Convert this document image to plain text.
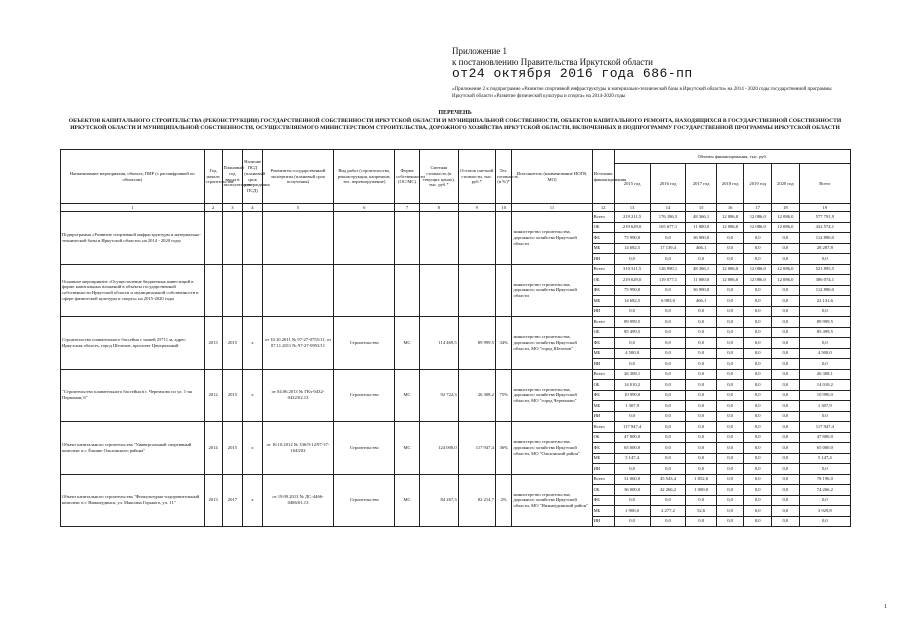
Приложение 1
к постановлению Правительства Иркутской области
от24 октября 2016 года 686-пп
«Приложение 2 к подпрограмме «Развитие спортивной инфраструктуры и материально-технической базы в Иркутской области» на 2014 - 2020 годы государственной программы Иркутской области «Развитие физической культуры и спорта» на 2014-2020 годы
ПЕРЕЧЕНЬ
ОБЪЕКТОВ КАПИТАЛЬНОГО СТРОИТЕЛЬСТВА (РЕКОНСТРУКЦИИ) ГОСУДАРСТВЕННОЙ СОБСТВЕННОСТИ ИРКУТСКОЙ ОБЛАСТИ И МУНИЦИПАЛЬНОЙ СОБСТВЕННОСТИ, ОБЪЕКТОВ КАПИТАЛЬНОГО РЕМОНТА, НАХОДЯЩИХСЯ В ГОСУДАРСТВЕННОЙ СОБСТВЕННОСТИ ИРКУТСКОЙ ОБЛАСТИ И МУНИЦИПАЛЬНОЙ СОБСТВЕННОСТИ, ОСУЩЕСТВЛЯЕМОГО МИНИСТЕРСТВОМ СТРОИТЕЛЬСТВА, ДОРОЖНОГО ХОЗЯЙСТВА ИРКУТСКОЙ ОБЛАСТИ, ВКЛЮЧЕННЫХ В ПОДПРОГРАММУ ГОСУДАРСТВЕННОЙ ПРОГРАММЫ ИРКУТСКОЙ ОБЛАСТИ
Наименование мероприятия, объекта, ПИР (с расшифровкой по объектам)	Год начала строительства	Плановый год ввода в эксплуатацию	Наличие ПСД (плановый срок утверждения ПСД)	Реквизиты государственной экспертизы (плановый срок получения)	Вид работ (строительство, реконструкция, капремонт, тех. перевооружение)	Форма собственности (ОС/МС)	Сметная стоимость (в текущих ценах), тыс. руб.*	Остаток сметной стоимости, тыс. руб.*	Тех. готовность (в %)*	Исполнитель (наименование ИОГВ, МО)	Источник финансирования	Объемы финансирования, тыс. руб.						
												2015 год	2016 год	2017 год	2018 год	2019 год	2020 год	Всего
1	2	3	4	5	6	7	8	9	10	11	12	13	14	15	16	17	18	19
Подпрограмма «Развитие спортивной инфраструктуры и материально- технической базы в Иркутской области» на 2014 - 2020 годы										министерство строительства, дорожного хозяйства Иркутской области	Всего	219 211,5	176 186,5	48 366,1	12 086,0	12 086,0	12 086,0	577 791,9
											ОБ	219 629,0	165 677,1	11 000,0	12 086,0	12 086,0	12 086,0	432 574,1
											ФБ	75 990,0	0,0	36 900,0	0,0	0,0	0,0	112 890,0
											МБ	14 682,5	17 139,4	466,1	0,0	0,0	0,0	28 287,8
											ИИ	0,0	0,0	0,0	0,0	0,0	0,0	0,0
Основное мероприятие «Осуществление бюджетных инвестиций в форме капитальных вложений в объекты государственной собственности Иркутской области и муниципальной собственности в сфере физической культуры и спорта» на 2015-2020 годы										министерство строительства, дорожного хозяйства Иркутской области	Всего	310 311,5	126 990,1	48 366,1	12 086,0	12 086,0	12 086,0	521 895,5
											ОБ	219 629,0	119 077,1	11 000,0	12 086,0	12 086,0	12 086,0	386 074,1
											ФБ	75 990,0	0,0	36 900,0	0,0	0,0	0,0	112 890,0
											МБ	14 682,5	6 983,0	466,1	0,0	0,0	0,0	22 131,6
											ИИ	0,0	0,0	0,0	0,0	0,0	0,0	0,0
Строительство плавательного бассейна с чашей 25*11 м, адрес: Иркутская область, город Шелехов, проспект Центральный	2013	2015	х	от 10.10.2011 № 97-27-0755/11, от 07.11.2011 № 97-27-0953/11	Строительство	МС	114 469,5	89 999,5	34%	министерство строительства, дорожного хозяйства Иркутской области, МО "город Шелехов"	Всего	89 999,5	0,0	0,0	0,0	0,0	0,0	89 999,5
											ОБ	85 499,5	0,0	0,0	0,0	0,0	0,0	85 499,5
											ФБ	0,0	0,0	0,0	0,0	0,0	0,0	0,0
											МБ	4 500,0	0,0	0,0	0,0	0,0	0,0	4 500,0
											ИИ	0,0	0,0	0,0	0,0	0,0	0,0	0,0
"Строительство плавательного бассейна в г. Черемхово по ул. 1-ая Первомая, 6"	2012	2015	х	от 04.06.2013 № ГКэ-0432-0432/02.13	Строительство	МС	92 722,3	26 308,2	75%	министерство строительства, дорожного хозяйства Иркутской области, МО "город Черемхово"	Всего	26 308,1	0,0	0,0	0,0	0,0	0,0	26 308,1
											ОБ	14 010,2	0,0	0,0	0,0	0,0	0,0	14 010,2
											ФБ	10 990,0	0,0	0,0	0,0	0,0	0,0	10 990,0
											МБ	1 307,9	0,0	0,0	0,0	0,0	0,0	1 307,9
											ИИ	0,0	0,0	0,0	0,0	0,0	0,0	0,0
Объект капитального строительства "Универсальный спортивный комплекс в г. Ёлкине Ольхонского района"	2014	2015	х	от 16.10.2012 № 336/9-12/97-37-1043/02	Строительство	МС	124 000,0	117 947,4	36%	министерство строительства, дорожного хозяйства Иркутской области, МО "Ольхонский район"	Всего	117 947,4	0,0	0,0	0,0	0,0	0,0	117 947,4
											ОБ	47 800,0	0,0	0,0	0,0	0,0	0,0	47 800,0
											ФБ	65 000,0	0,0	0,0	0,0	0,0	0,0	65 000,0
											МБ	5 147,4	0,0	0,0	0,0	0,0	0,0	5 147,4
											ИИ	0,0	0,0	0,0	0,0	0,0	0,0	0,0
Объект капитального строительства "Физкультурно-оздоровительный комплекс в г. Нижнеудинск, ул. Максима Горького, уч. 11"	2013	2017	х	от 19.09.2013 № ДС-4466-0486/01.13	Строительство	МС	84 267,3	82 214,7	2%	министерство строительства, дорожного хозяйства Иркутской области, МО "Нижнеудинский район"	Всего	31 060,0	45 543,4	1 852,6	0,0	0,0	0,0	78 196,0
											ОБ	36 000,0	42 266,2	1 000,0	0,0	0,0	0,0	74 266,2
											ФБ	0,0	0,0	0,0	0,0	0,0	0,0	0,0
											МБ	1 900,0	2 277,2	52,6	0,0	0,0	0,0	3 929,8
											ИИ	0,0	0,0	0,0	0,0	0,0	0,0	0,0
1
